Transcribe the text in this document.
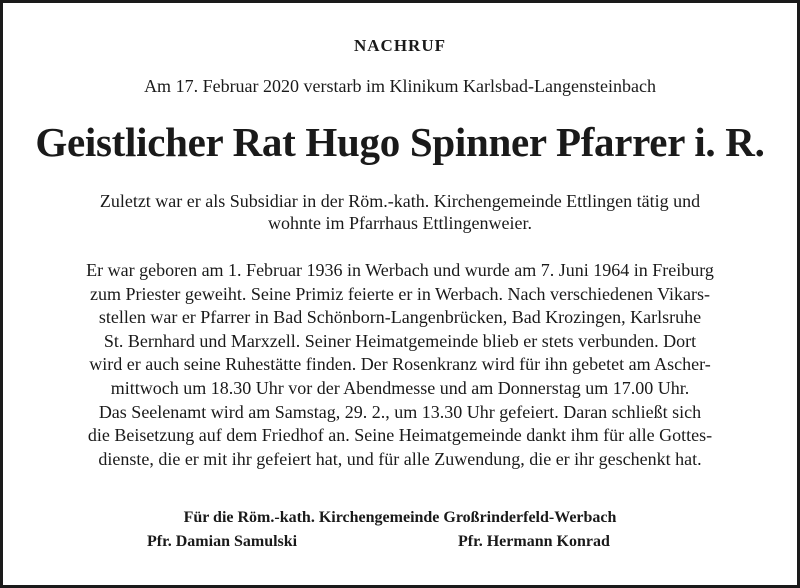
NACHRUF
Am 17. Februar 2020 verstarb im Klinikum Karlsbad-Langensteinbach
Geistlicher Rat Hugo Spinner Pfarrer i. R.
Zuletzt war er als Subsidiar in der Röm.-kath. Kirchengemeinde Ettlingen tätig und
wohnte im Pfarrhaus Ettlingenweier.
Er war geboren am 1. Februar 1936 in Werbach und wurde am 7. Juni 1964 in Freiburg
zum Priester geweiht. Seine Primiz feierte er in Werbach. Nach verschiedenen Vikars-
stellen war er Pfarrer in Bad Schönborn-Langenbrücken, Bad Krozingen, Karlsruhe
St. Bernhard und Marxzell. Seiner Heimatgemeinde blieb er stets verbunden. Dort
wird er auch seine Ruhestätte finden. Der Rosenkranz wird für ihn gebetet am Ascher-
mittwoch um 18.30 Uhr vor der Abendmesse und am Donnerstag um 17.00 Uhr.
Das Seelenamt wird am Samstag, 29. 2., um 13.30 Uhr gefeiert. Daran schließt sich
die Beisetzung auf dem Friedhof an. Seine Heimatgemeinde dankt ihm für alle Gottes-
dienste, die er mit ihr gefeiert hat, und für alle Zuwendung, die er ihr geschenkt hat.
Für die Röm.-kath. Kirchengemeinde Großrinderfeld-Werbach
Pfr. Damian Samulski	Pfr. Hermann Konrad
